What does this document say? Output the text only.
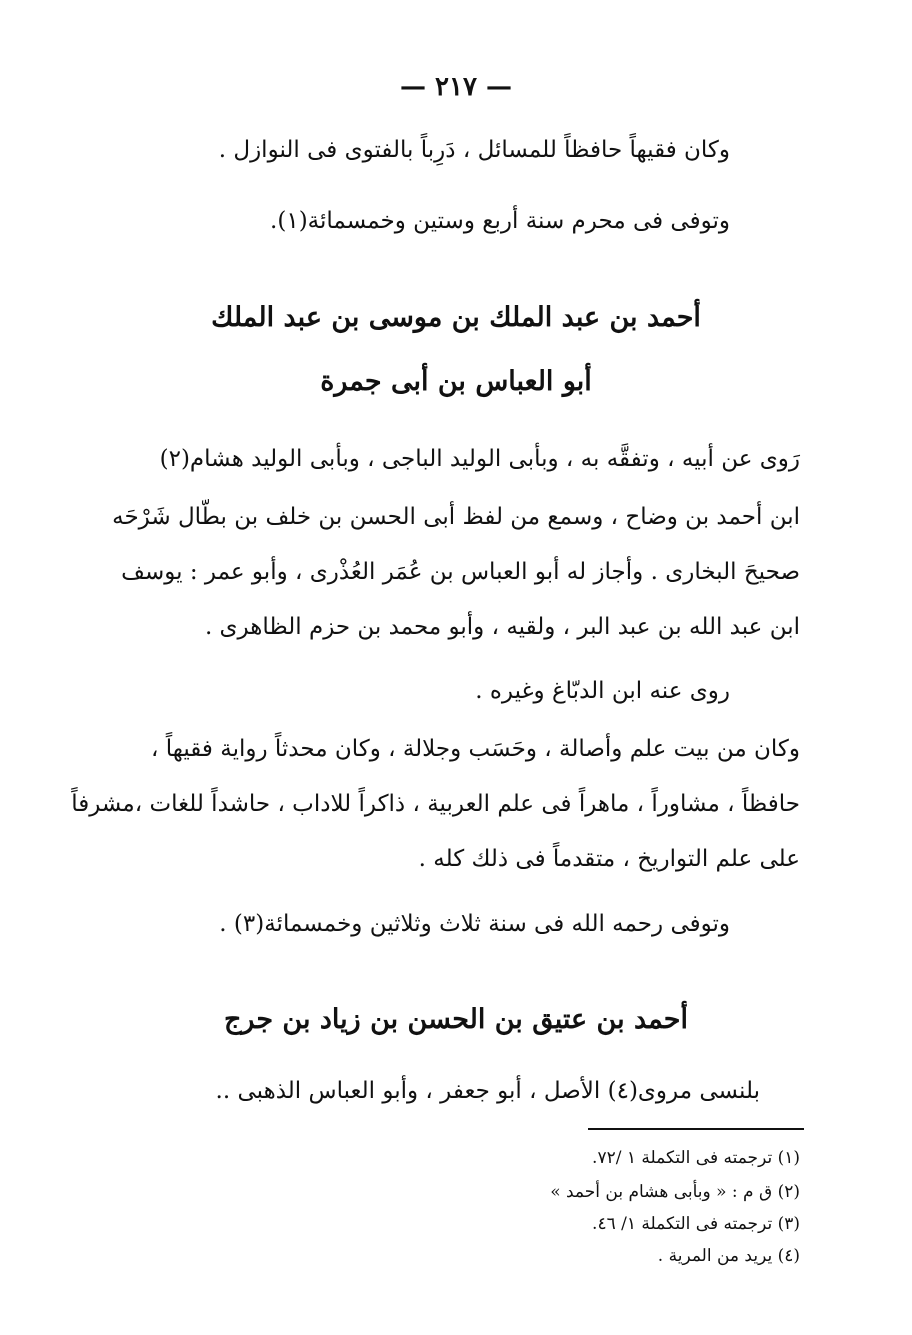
— ٢١٧ —
وكان فقيهاً حافظاً للمسائل ، دَرِباً بالفتوى فى النوازل .
وتوفى فى محرم سنة أربع وستين وخمسمائة(١).
أحمد بن عبد الملك بن موسى بن عبد الملك
أبو العباس بن أبى جمرة
رَوى عن أبيه ، وتفقَّه به ، وبأبى الوليد الباجى ، وبأبى الوليد هشام(٢)
ابن أحمد بن وضاح ، وسمع من لفظ أبى الحسن بن خلف بن بطّال شَرْحَه
صحيحَ البخارى . وأجاز له أبو العباس بن عُمَر العُذْرى ، وأبو عمر : يوسف
ابن عبد الله بن عبد البر ، ولقيه ، وأبو محمد بن حزم الظاهرى .
روى عنه ابن الدبّاغ وغيره .
وكان من بيت علم وأصالة ، وحَسَب وجلالة ، وكان محدثاً رواية فقيهاً ،
حافظاً ، مشاوراً ، ماهراً فى علم العربية ، ذاكراً للاداب ، حاشداً للغات ،مشرفاً
على علم التواريخ ، متقدماً فى ذلك كله .
وتوفى رحمه الله فى سنة ثلاث وثلاثين وخمسمائة(٣) .
أحمد بن عتيق بن الحسن بن زياد بن جرج
بلنسى مروى(٤) الأصل ، أبو جعفر ، وأبو العباس الذهبى ..
(١) ترجمته فى التكملة ١ /٧٢.
(٢) ق م : « وبأبى هشام بن أحمد »
(٣) ترجمته فى التكملة ١/ ٤٦.
(٤) يريد من المرية .
